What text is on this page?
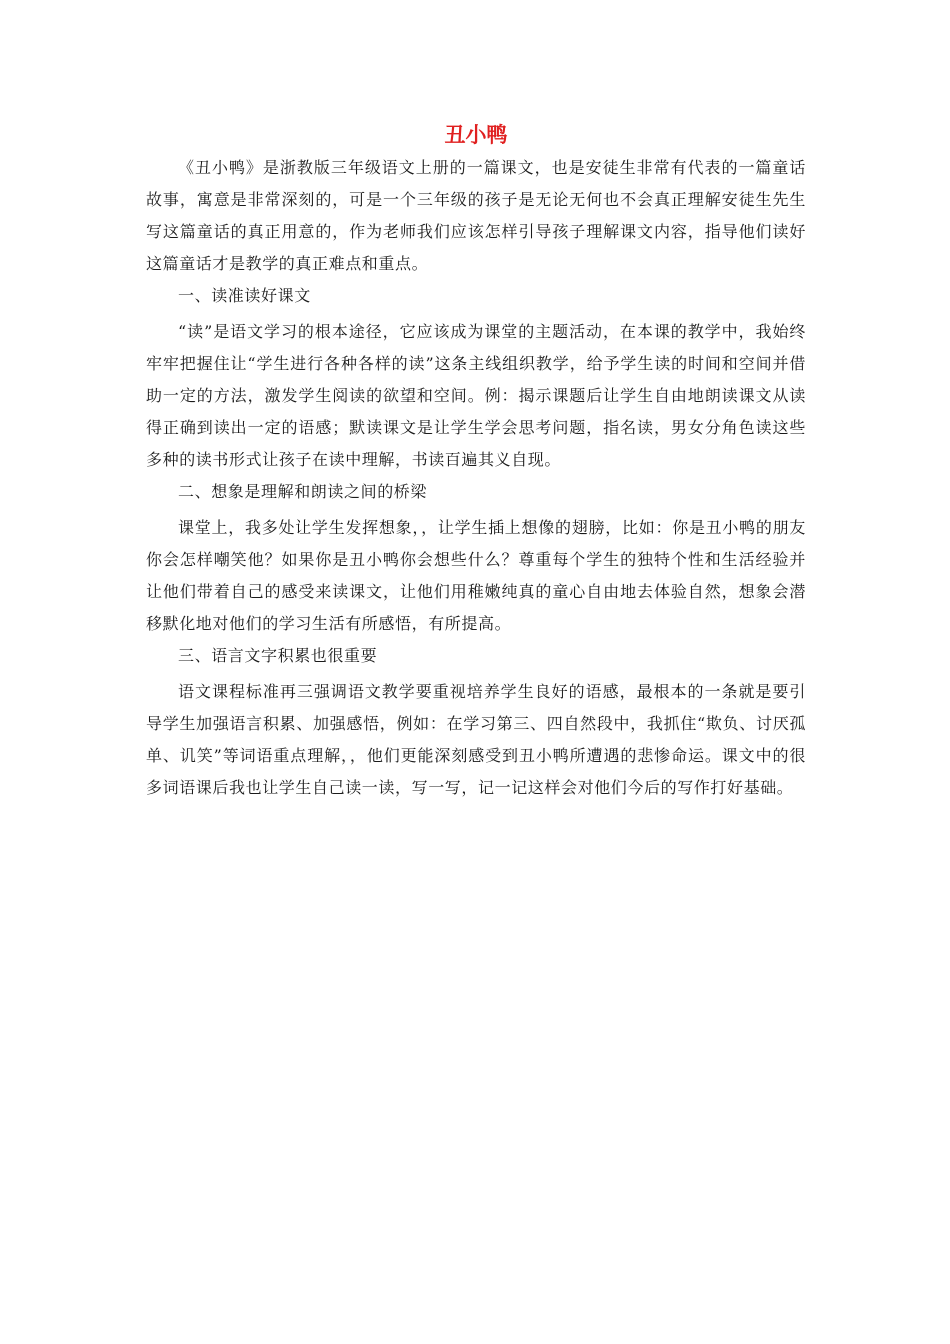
丑小鸭

《丑小鸭》是浙教版三年级语文上册的一篇课文，也是安徒生非常有代表的一篇童话故事，寓意是非常深刻的，可是一个三年级的孩子是无论无何也不会真正理解安徒生先生写这篇童话的真正用意的，作为老师我们应该怎样引导孩子理解课文内容，指导他们读好这篇童话才是教学的真正难点和重点。

一、读准读好课文

“读”是语文学习的根本途径，它应该成为课堂的主题活动，在本课的教学中，我始终牢牢把握住让“学生进行各种各样的读”这条主线组织教学，给予学生读的时间和空间并借助一定的方法，激发学生阅读的欲望和空间。例：揭示课题后让学生自由地朗读课文从读得正确到读出一定的语感；默读课文是让学生学会思考问题，指名读，男女分角色读这些多种的读书形式让孩子在读中理解，书读百遍其义自现。

二、想象是理解和朗读之间的桥梁

课堂上，我多处让学生发挥想象，，让学生插上想像的翅膀，比如：你是丑小鸭的朋友你会怎样嘲笑他？如果你是丑小鸭你会想些什么？尊重每个学生的独特个性和生活经验并让他们带着自己的感受来读课文，让他们用稚嫩纯真的童心自由地去体验自然，想象会潜移默化地对他们的学习生活有所感悟，有所提高。

三、语言文字积累也很重要

语文课程标准再三强调语文教学要重视培养学生良好的语感，最根本的一条就是要引导学生加强语言积累、加强感悟，例如：在学习第三、四自然段中，我抓住“欺负、讨厌孤单、讥笑”等词语重点理解，，他们更能深刻感受到丑小鸭所遭遇的悲惨命运。课文中的很多词语课后我也让学生自己读一读，写一写，记一记这样会对他们今后的写作打好基础。
